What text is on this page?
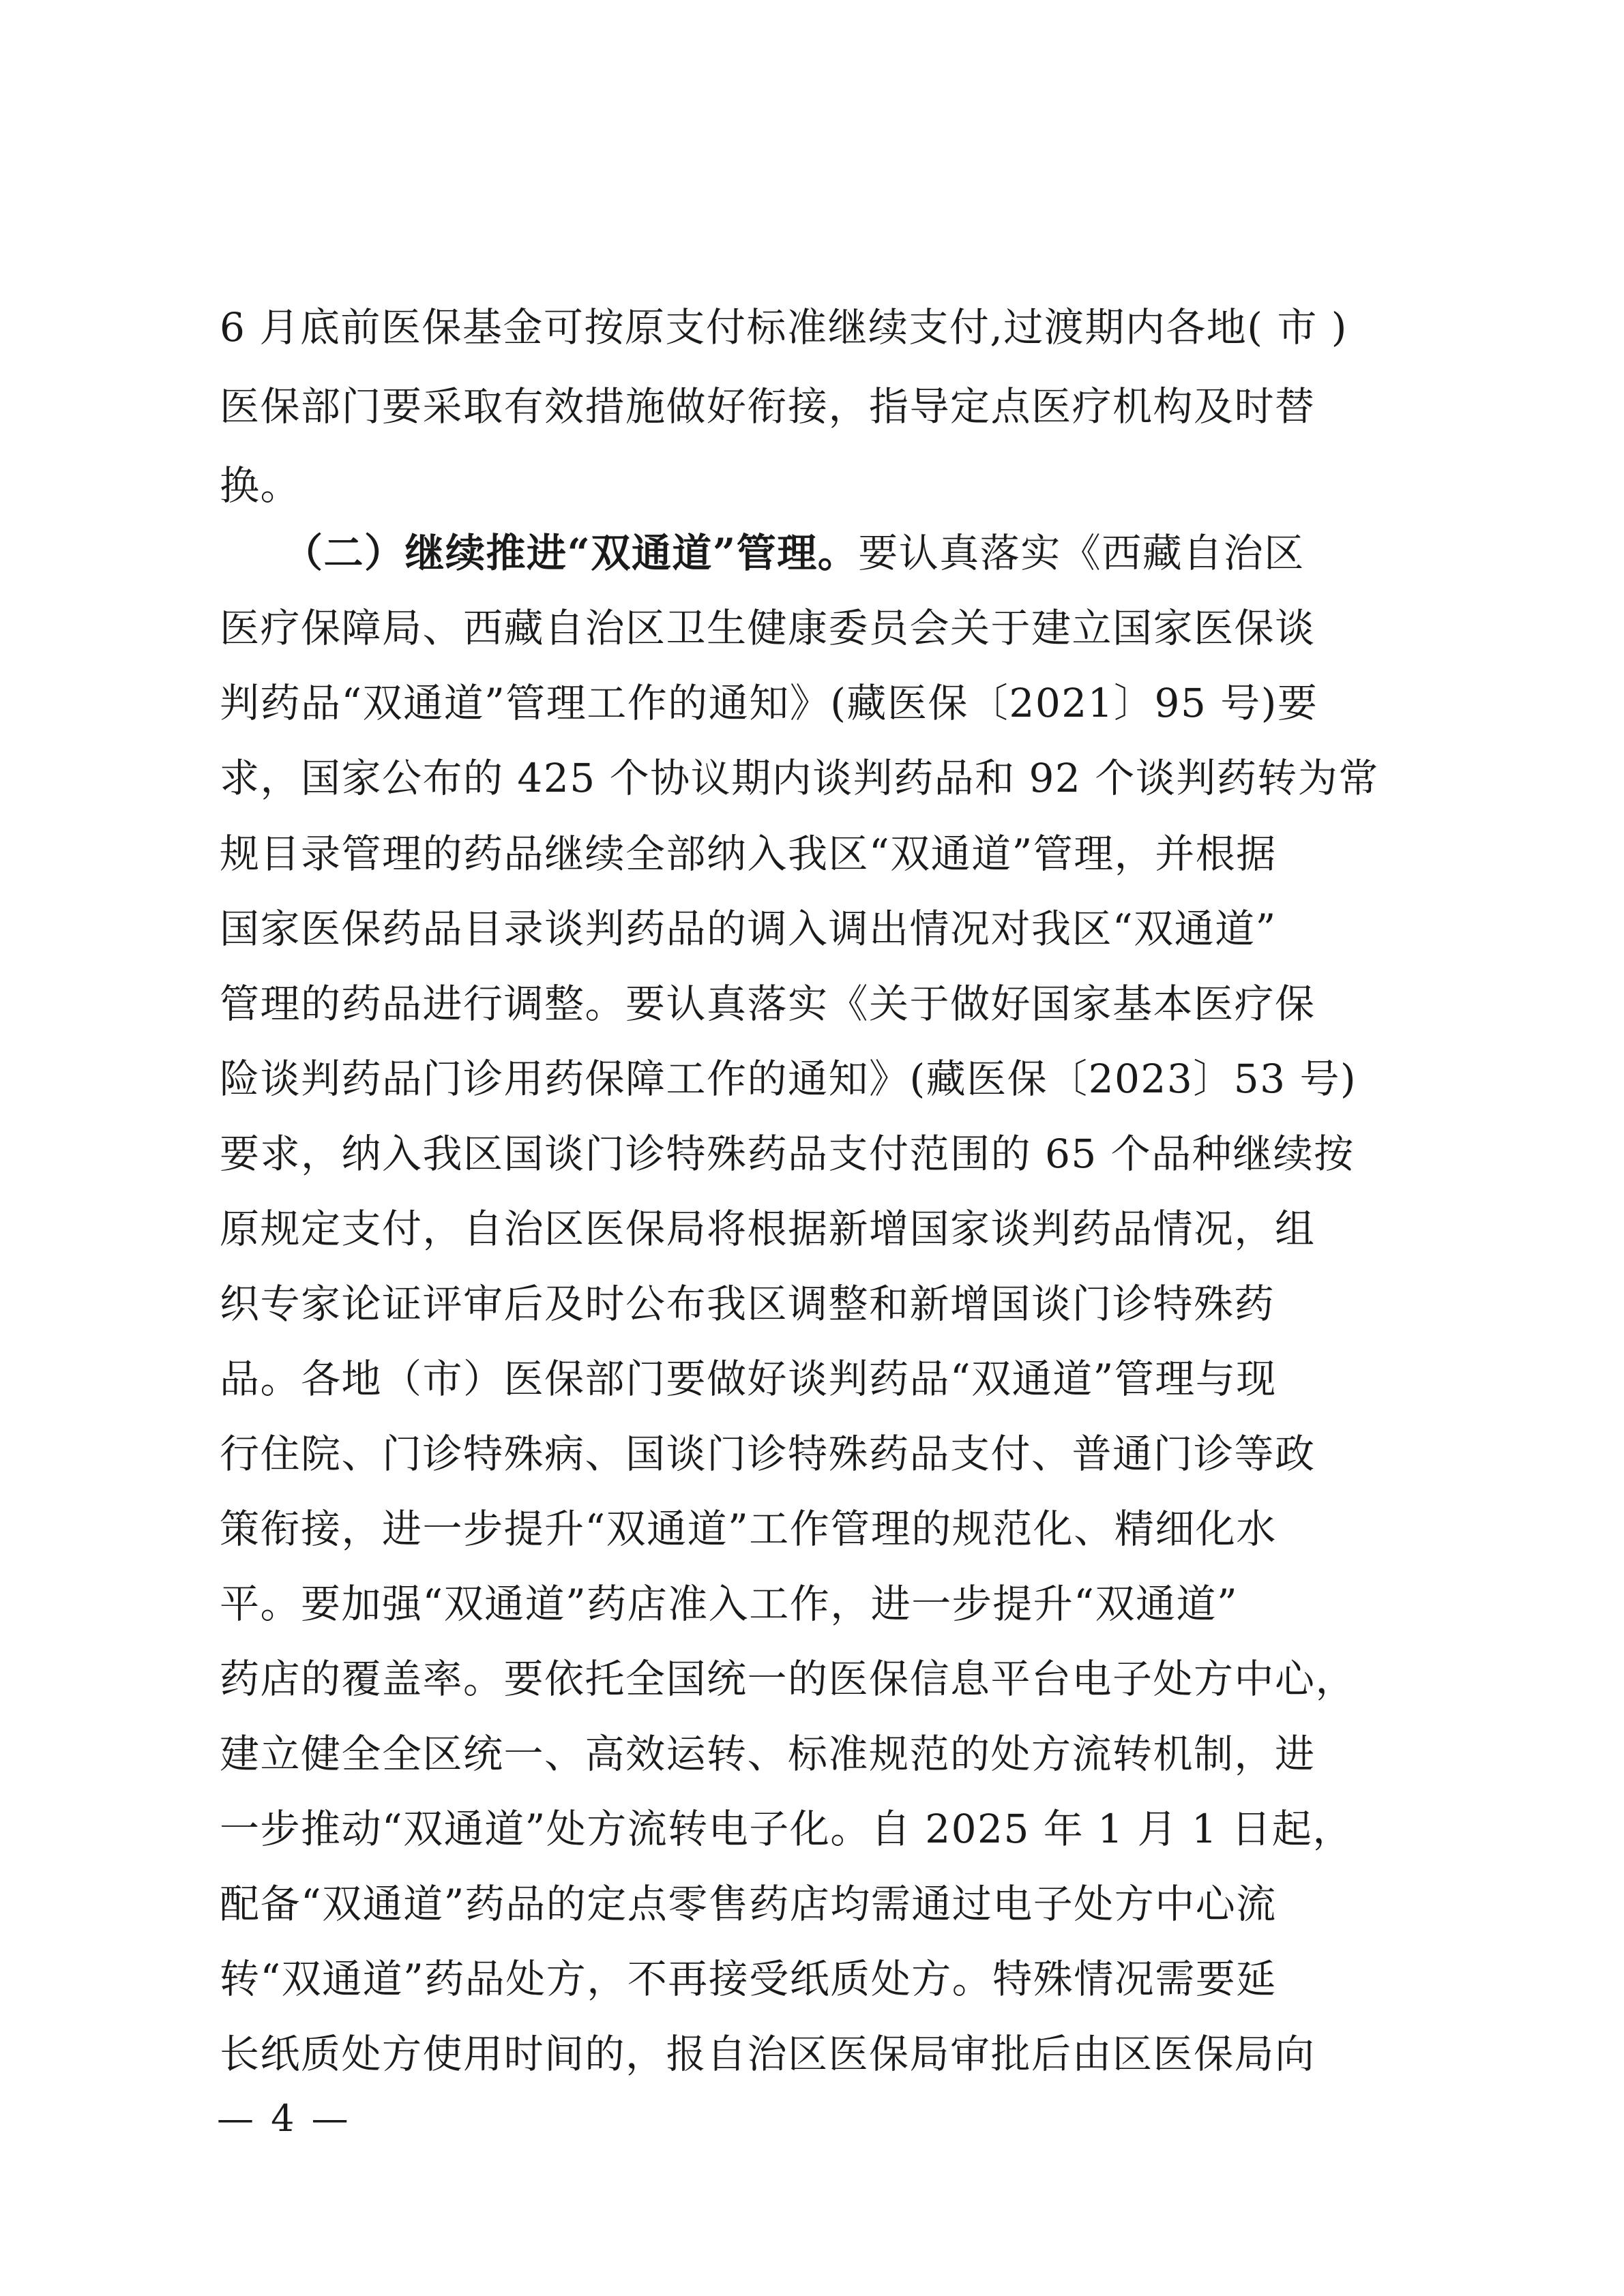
6 月底前医保基金可按原支付标准继续支付,过渡期内各地( 市 )
医保部门要采取有效措施做好衔接，指导定点医疗机构及时替
换。
（二）继续推进“双通道”管理。要认真落实《西藏自治区
医疗保障局、西藏自治区卫生健康委员会关于建立国家医保谈
判药品“双通道”管理工作的通知》(藏医保〔2021〕95 号)要
求，国家公布的 425 个协议期内谈判药品和 92 个谈判药转为常
规目录管理的药品继续全部纳入我区“双通道”管理，并根据
国家医保药品目录谈判药品的调入调出情况对我区“双通道”
管理的药品进行调整。要认真落实《关于做好国家基本医疗保
险谈判药品门诊用药保障工作的通知》(藏医保〔2023〕53 号)
要求，纳入我区国谈门诊特殊药品支付范围的 65 个品种继续按
原规定支付，自治区医保局将根据新增国家谈判药品情况，组
织专家论证评审后及时公布我区调整和新增国谈门诊特殊药
品。各地（市）医保部门要做好谈判药品“双通道”管理与现
行住院、门诊特殊病、国谈门诊特殊药品支付、普通门诊等政
策衔接，进一步提升“双通道”工作管理的规范化、精细化水
平。要加强“双通道”药店准入工作，进一步提升“双通道”
药店的覆盖率。要依托全国统一的医保信息平台电子处方中心，
建立健全全区统一、高效运转、标准规范的处方流转机制，进
一步推动“双通道”处方流转电子化。自 2025 年 1 月 1 日起，
配备“双通道”药品的定点零售药店均需通过电子处方中心流
转“双通道”药品处方，不再接受纸质处方。特殊情况需要延
长纸质处方使用时间的，报自治区医保局审批后由区医保局向
— 4 —
